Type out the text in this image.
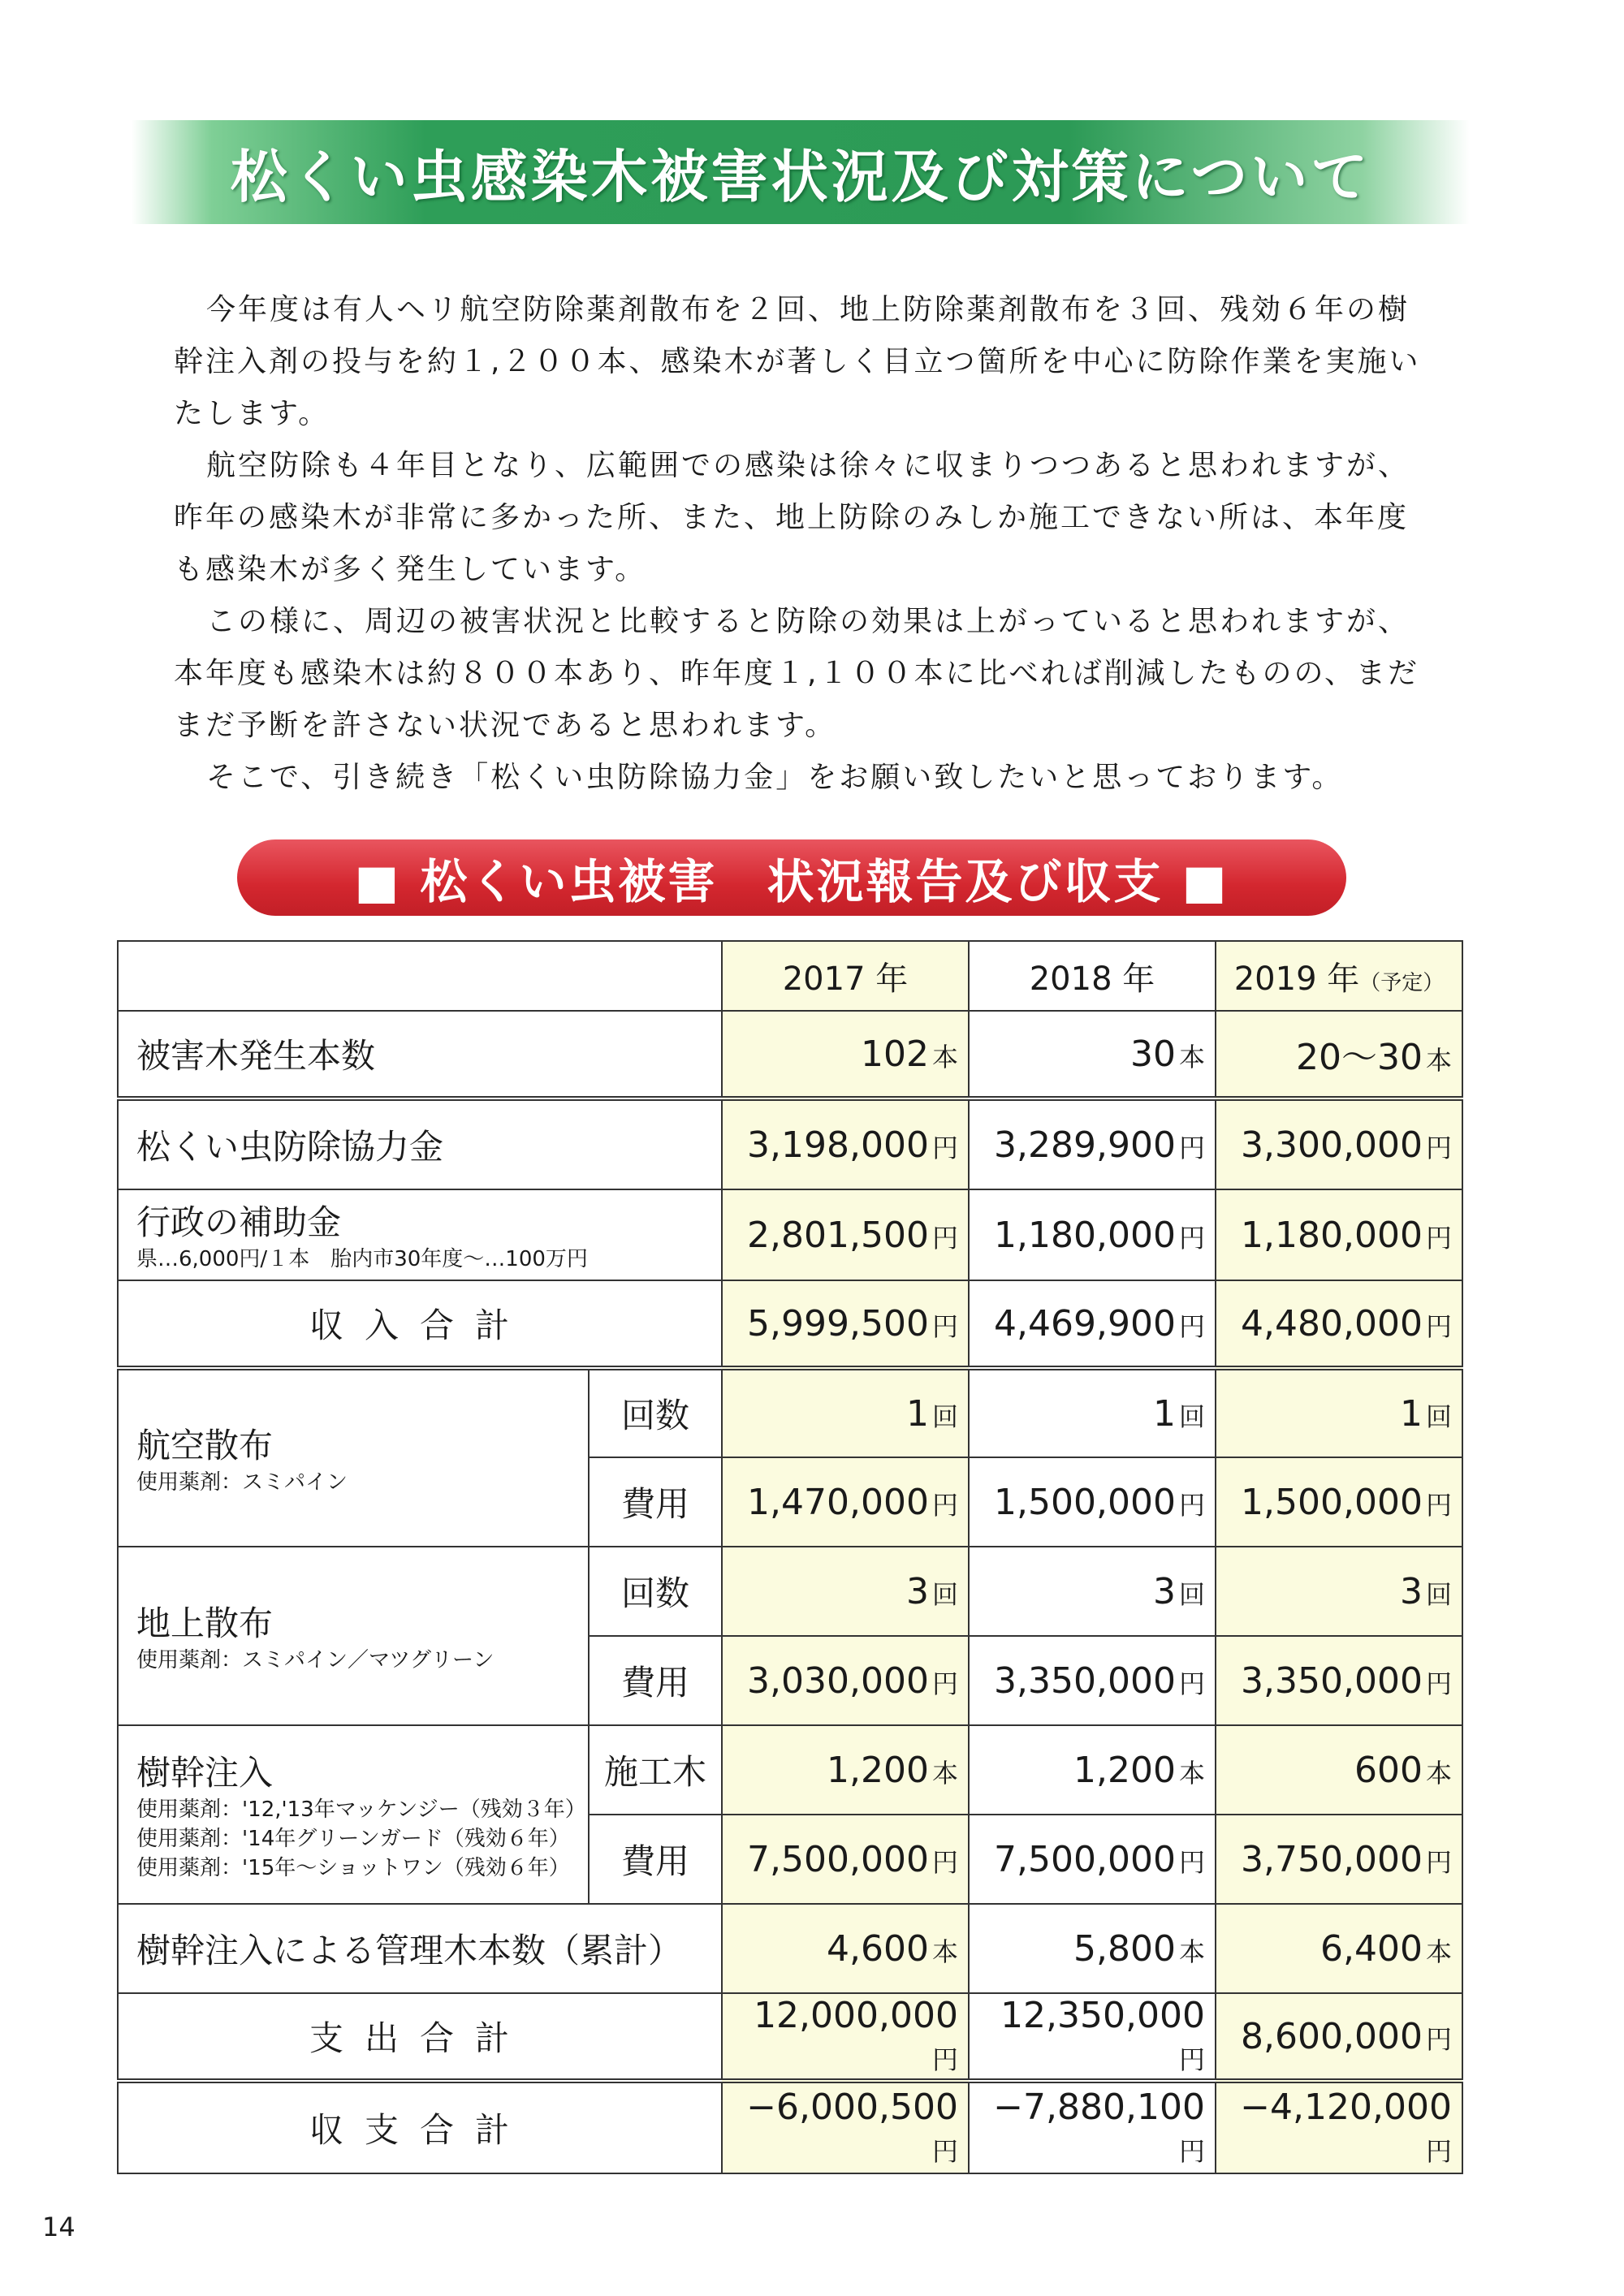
松くい虫感染木被害状況及び対策について

今年度は有人ヘリ航空防除薬剤散布を２回、地上防除薬剤散布を３回、残効６年の樹幹注入剤の投与を約１,２００本、感染木が著しく目立つ箇所を中心に防除作業を実施いたします。

航空防除も４年目となり、広範囲での感染は徐々に収まりつつあると思われますが、昨年の感染木が非常に多かった所、また、地上防除のみしか施工できない所は、本年度も感染木が多く発生しています。

この様に、周辺の被害状況と比較すると防除の効果は上がっていると思われますが、本年度も感染木は約８００本あり、昨年度１,１００本に比べれば削減したものの、まだまだ予断を許さない状況であると思われます。

そこで、引き続き「松くい虫防除協力金」をお願い致したいと思っております。

■ 松くい虫被害　状況報告及び収支 ■
		2017 年	2018 年	2019 年（予定）
被害木発生本数		102 本	30 本	20〜30 本
松くい虫防除協力金		3,198,000 円	3,289,900 円	3,300,000 円

行政の補助金
県…6,000円/１本　胎内市30年度〜…100万円		2,801,500 円	1,180,000 円	1,180,000 円
収入合計		5,999,500 円	4,469,900 円	4,480,000 円

航空散布
使用薬剤：スミパイン	回数	1 回	1 回	1 回
	費用	1,470,000 円	1,500,000 円	1,500,000 円

地上散布
使用薬剤：スミパイン／マツグリーン	回数	3 回	3 回	3 回
	費用	3,030,000 円	3,350,000 円	3,350,000 円

樹幹注入
使用薬剤：'12,'13年マッケンジー（残効３年）
使用薬剤：'14年グリーンガード（残効６年）
使用薬剤：'15年〜ショットワン（残効６年）	施工木	1,200 本	1,200 本	600 本
	費用	7,500,000 円	7,500,000 円	3,750,000 円
樹幹注入による管理木本数（累計）		4,600 本	5,800 本	6,400 本
支出合計		12,000,000円	12,350,000円	8,600,000 円
収支合計		−6,000,500円	−7,880,100円	−4,120,000円
14
